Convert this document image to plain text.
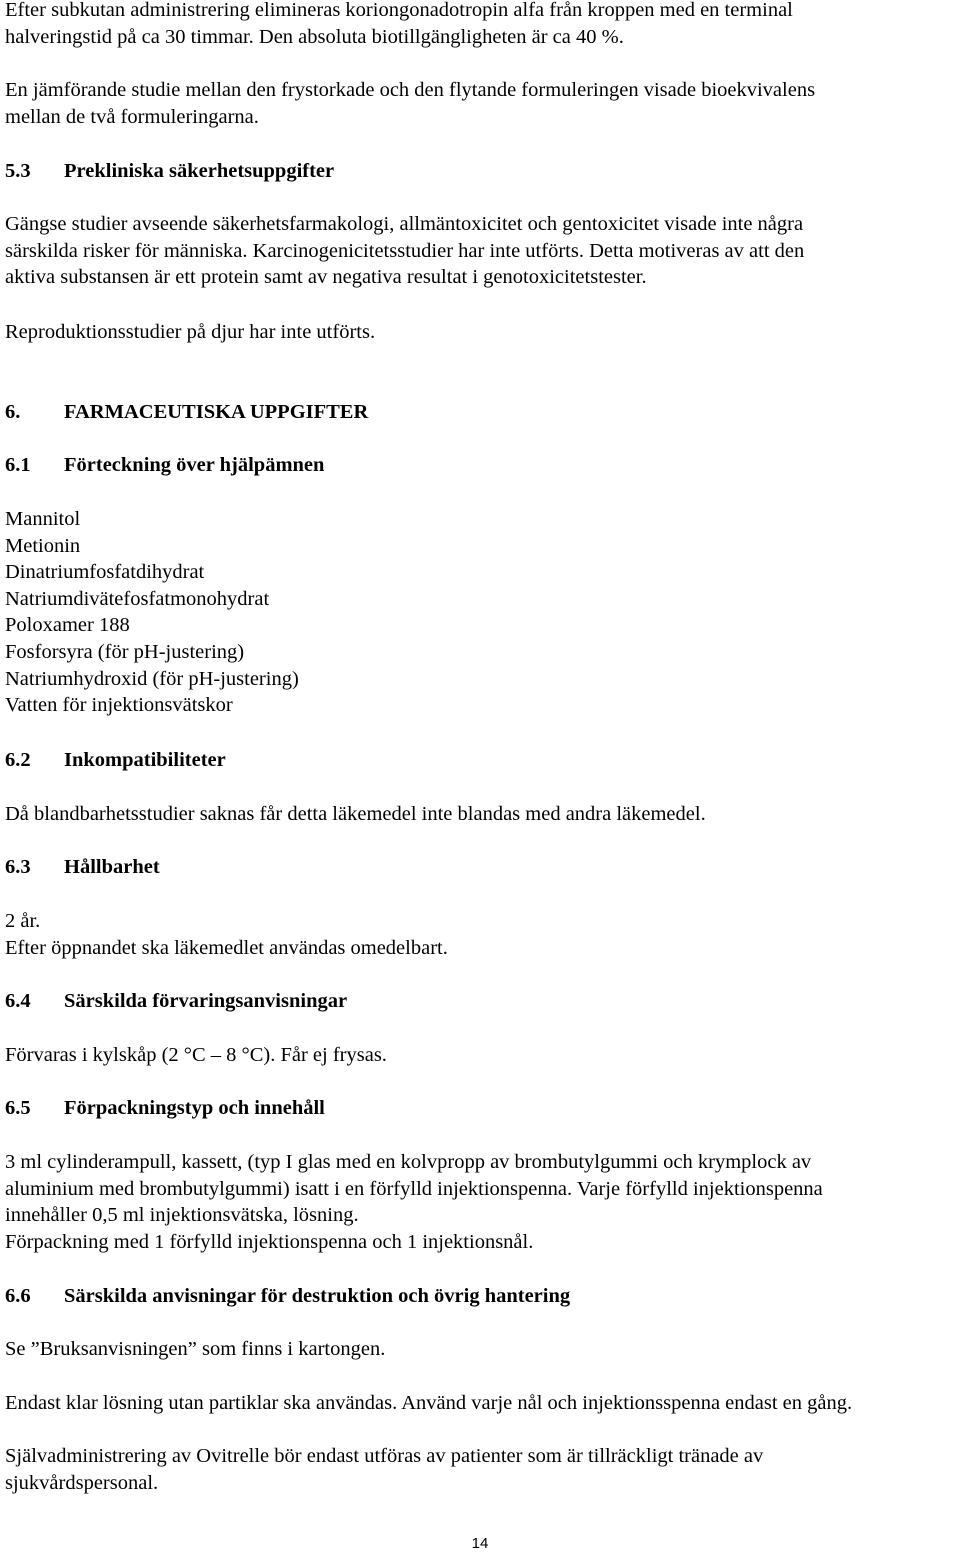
Efter subkutan administrering elimineras koriongonadotropin alfa från kroppen med en terminal
halveringstid på ca 30 timmar. Den absoluta biotillgängligheten är ca 40 %.

En jämförande studie mellan den frystorkade och den flytande formuleringen visade bioekvivalens
mellan de två formuleringarna.

5.3 Prekliniska säkerhetsuppgifter

Gängse studier avseende säkerhetsfarmakologi, allmäntoxicitet och gentoxicitet visade inte några
särskilda risker för människa. Karcinogenicitetsstudier har inte utförts. Detta motiveras av att den
aktiva substansen är ett protein samt av negativa resultat i genotoxicitetstester.

Reproduktionsstudier på djur har inte utförts.

6. FARMACEUTISKA UPPGIFTER
6.1 Förteckning över hjälpämnen
Mannitol
Metionin
Dinatriumfosfatdihydrat
Natriumdivätefosfatmonohydrat
Poloxamer 188
Fosforsyra (för pH-justering)
Natriumhydroxid (för pH-justering)
Vatten för injektionsvätskor
6.2 Inkompatibiliteter

Då blandbarhetsstudier saknas får detta läkemedel inte blandas med andra läkemedel.

6.3 Hållbarhet

2 år.
Efter öppnandet ska läkemedlet användas omedelbart.

6.4 Särskilda förvaringsanvisningar

Förvaras i kylskåp (2 °C – 8 °C). Får ej frysas.

6.5 Förpackningstyp och innehåll

3 ml cylinderampull, kassett, (typ I glas med en kolvpropp av brombutylgummi och krymplock av
aluminium med brombutylgummi) isatt i en förfylld injektionspenna. Varje förfylld injektionspenna
innehåller 0,5 ml injektionsvätska, lösning.
Förpackning med 1 förfylld injektionspenna och 1 injektionsnål.

6.6 Särskilda anvisningar för destruktion och övrig hantering

Se ”Bruksanvisningen” som finns i kartongen.

Endast klar lösning utan partiklar ska användas. Använd varje nål och injektionsspenna endast en gång.

Självadministrering av Ovitrelle bör endast utföras av patienter som är tillräckligt tränade av
sjukvårdspersonal.

14
